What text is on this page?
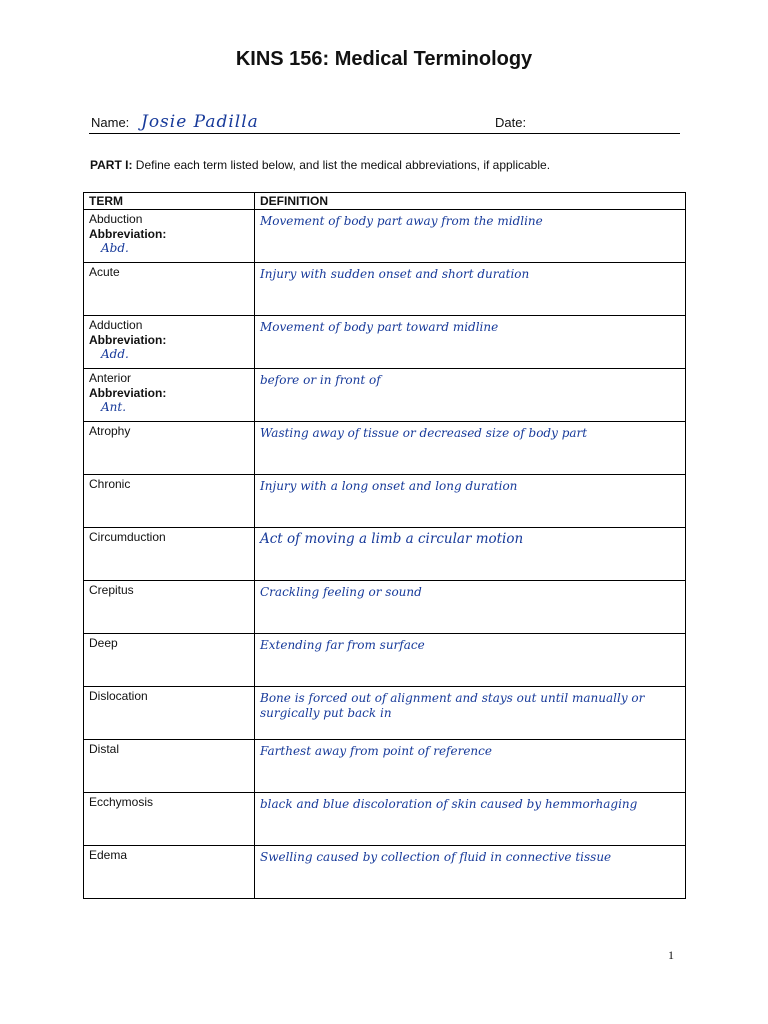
KINS 156: Medical Terminology
Name: Josie Padilla	Date:
PART I: Define each term listed below, and list the medical abbreviations, if applicable.
TERM	DEFINITION

Abduction
Abbreviation:
Abd.	Movement of body part away from the midline

Acute	Injury with sudden onset and short duration

Adduction
Abbreviation:
Add.	Movement of body part toward midline

Anterior
Abbreviation:
Ant.	before or in front of

Atrophy	Wasting away of tissue or decreased size of body part

Chronic	Injury with a long onset and long duration

Circumduction	Act of moving a limb a circular motion

Crepitus	Crackling feeling or sound

Deep	Extending far from surface

Dislocation	Bone is forced out of alignment and stays out until manually or surgically put back in

Distal	Farthest away from point of reference

Ecchymosis	black and blue discoloration of skin caused by hemmorhaging

Edema	Swelling caused by collection of fluid in connective tissue
1
